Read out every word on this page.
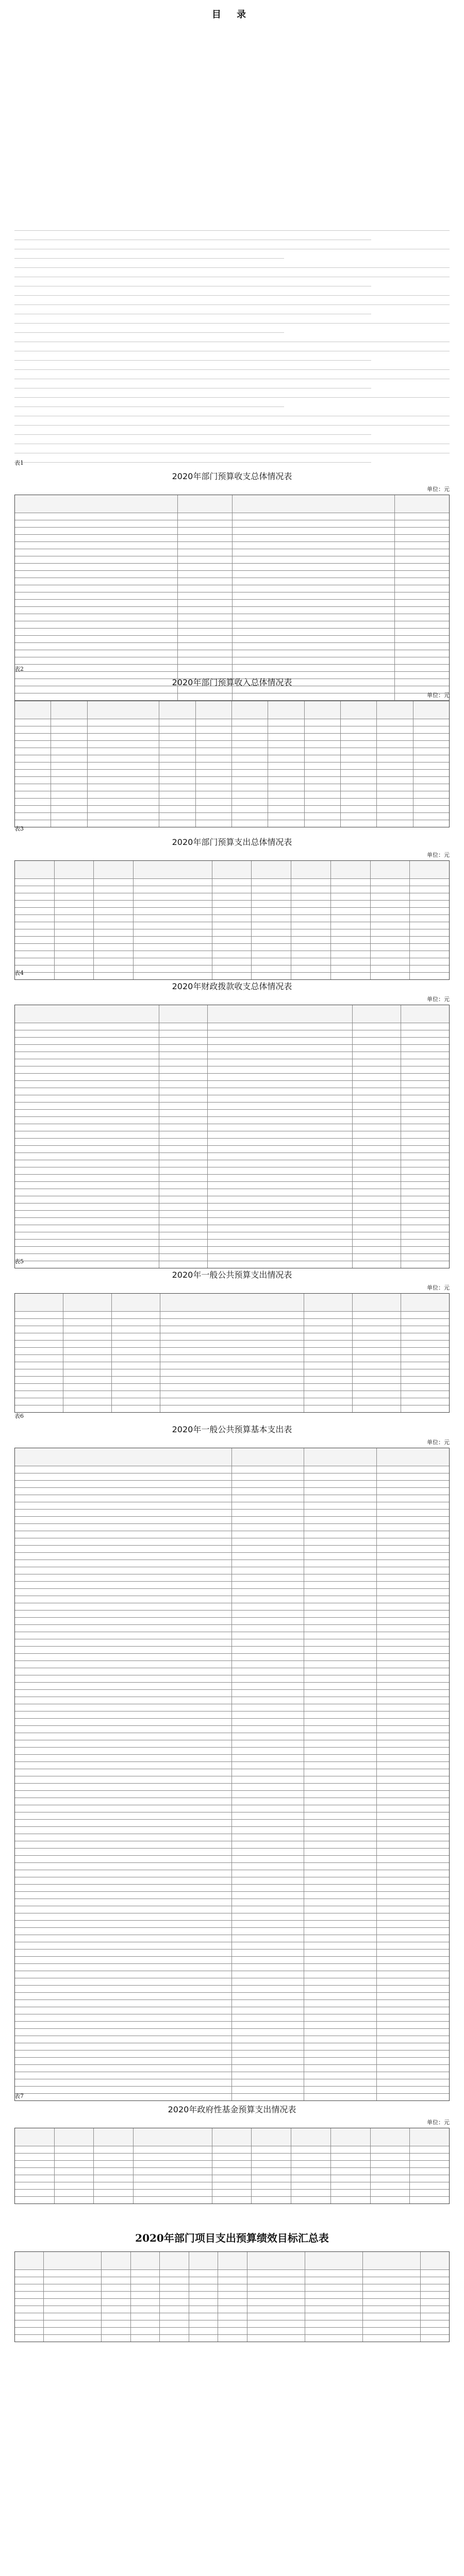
目 录
表1
2020年部门预算收支总体情况表
单位：元
表2
2020年部门预算收入总体情况表
单位：元
表3
2020年部门预算支出总体情况表
单位：元
表4
2020年财政拨款收支总体情况表
单位：元
表5
2020年一般公共预算支出情况表
单位：元
表6
2020年一般公共预算基本支出表
单位：元
表7
2020年政府性基金预算支出情况表
单位：元
2020年部门项目支出预算绩效目标汇总表
